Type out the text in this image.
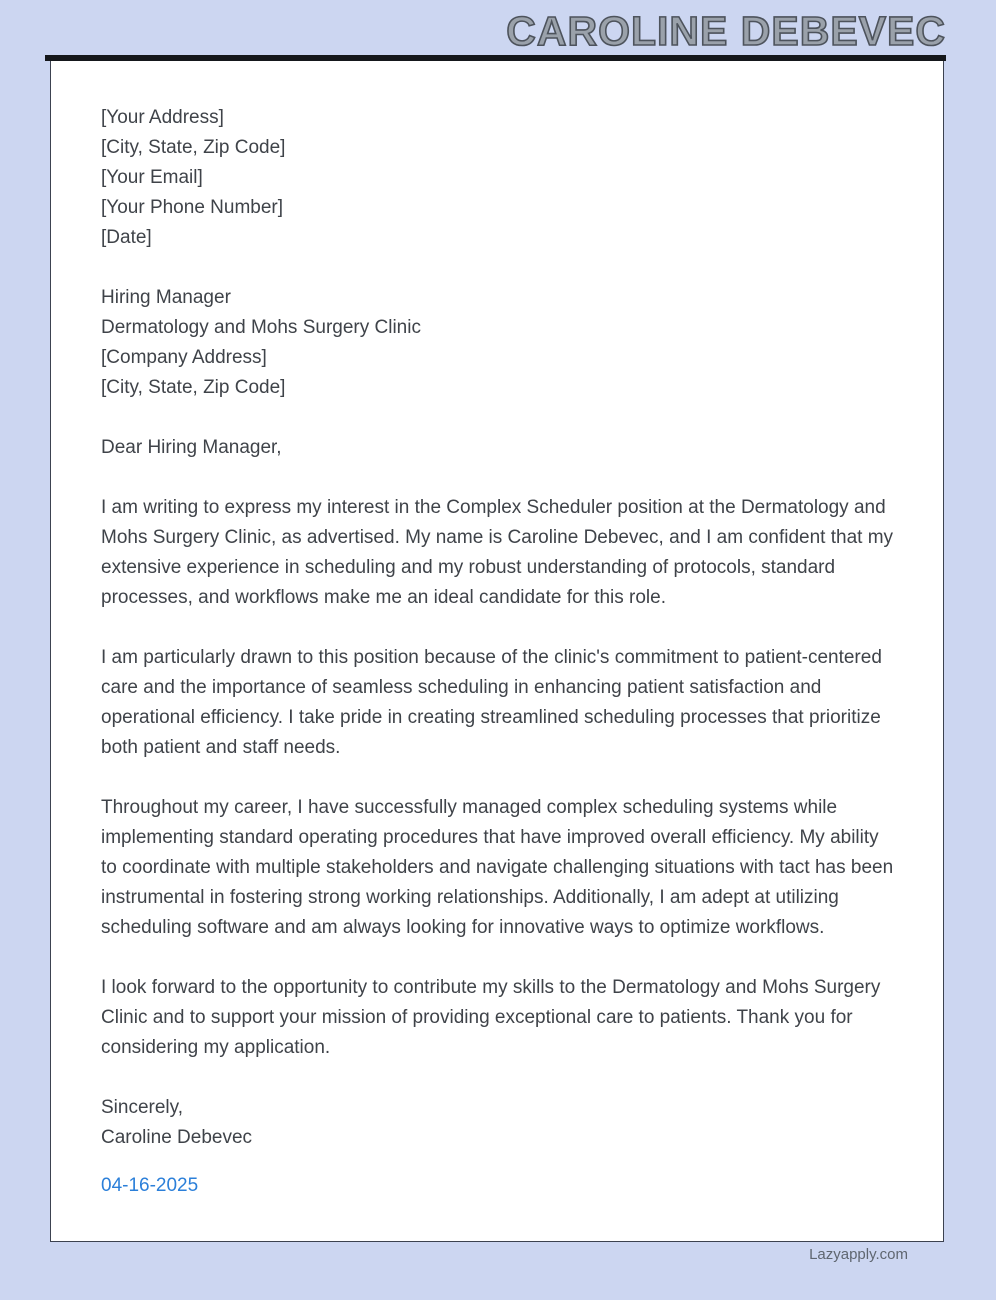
CAROLINE DEBEVEC

[Your Address]

[City, State, Zip Code]

[Your Email]

[Your Phone Number]

[Date]

Hiring Manager

Dermatology and Mohs Surgery Clinic

[Company Address]

[City, State, Zip Code]

Dear Hiring Manager,

I am writing to express my interest in the Complex Scheduler position at the Dermatology and Mohs Surgery Clinic, as advertised. My name is Caroline Debevec, and I am confident that my extensive experience in scheduling and my robust understanding of protocols, standard processes, and workflows make me an ideal candidate for this role.

I am particularly drawn to this position because of the clinic's commitment to patient-centered care and the importance of seamless scheduling in enhancing patient satisfaction and operational efficiency. I take pride in creating streamlined scheduling processes that prioritize both patient and staff needs.

Throughout my career, I have successfully managed complex scheduling systems while implementing standard operating procedures that have improved overall efficiency. My ability to coordinate with multiple stakeholders and navigate challenging situations with tact has been instrumental in fostering strong working relationships. Additionally, I am adept at utilizing scheduling software and am always looking for innovative ways to optimize workflows.

I look forward to the opportunity to contribute my skills to the Dermatology and Mohs Surgery Clinic and to support your mission of providing exceptional care to patients. Thank you for considering my application.

Sincerely,

Caroline Debevec

04-16-2025

Lazyapply.com
